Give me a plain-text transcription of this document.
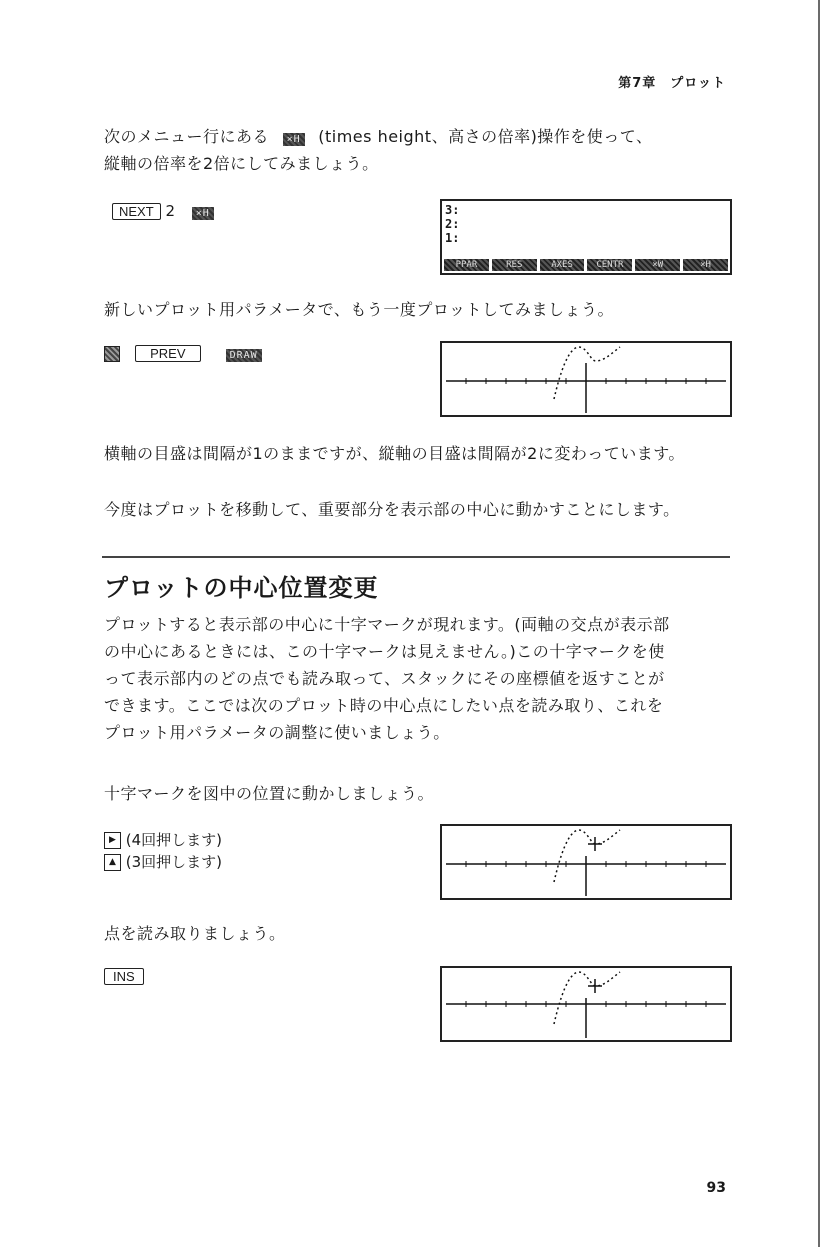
第7章　プロット
次のメニュー行にある ×H (times height、高さの倍率)操作を使って、
縦軸の倍率を2倍にしてみましょう。
NEXT 2 ×H	3:
2:
1:
PPAR	RES	AXES	CENTR	×W	×H
新しいプロット用パラメータで、もう一度プロットしてみましょう。
PREV	DRAW
横軸の目盛は間隔が1のままですが、縦軸の目盛は間隔が2に変わっています。
今度はプロットを移動して、重要部分を表示部の中心に動かすことにします。
プロットの中心位置変更
プロットすると表示部の中心に十字マークが現れます。(両軸の交点が表示部
の中心にあるときには、この十字マークは見えません。)この十字マークを使
って表示部内のどの点でも読み取って、スタックにその座標値を返すことが
できます。ここでは次のプロット時の中心点にしたい点を読み取り、これを
プロット用パラメータの調整に使いましょう。
十字マークを図中の位置に動かしましょう。
▶ (4回押します)
▲ (3回押します)
点を読み取りましょう。
INS
93
